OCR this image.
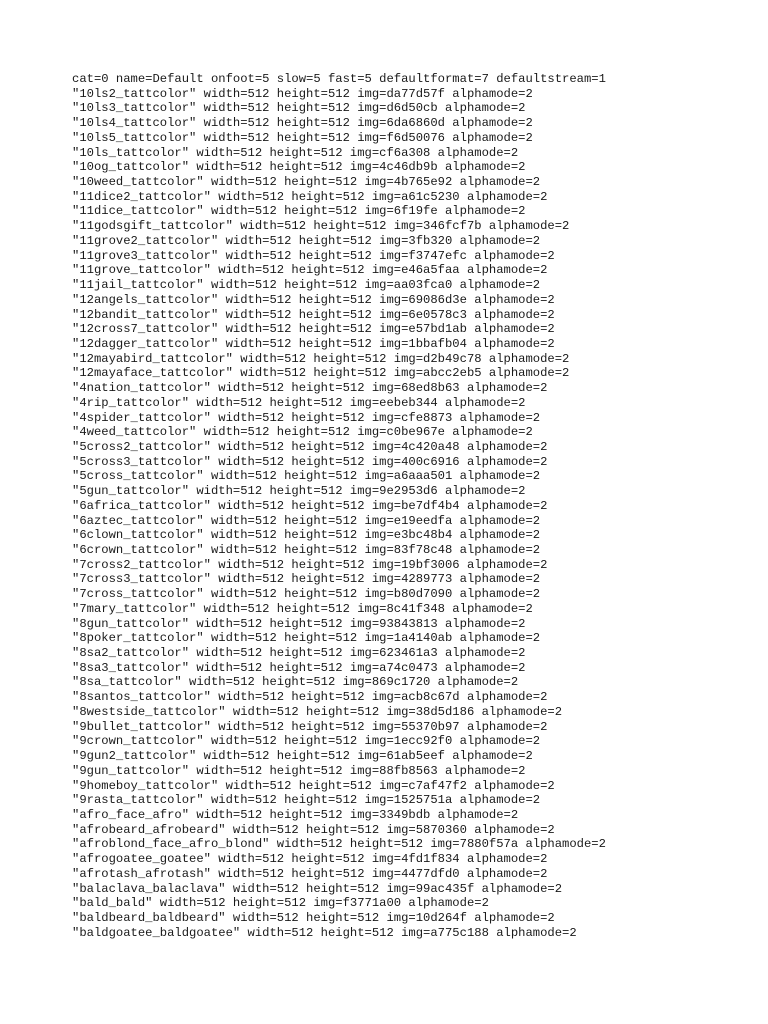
cat=0 name=Default onfoot=5 slow=5 fast=5 defaultformat=7 defaultstream=1
"10ls2_tattcolor" width=512 height=512 img=da77d57f alphamode=2
"10ls3_tattcolor" width=512 height=512 img=d6d50cb alphamode=2
"10ls4_tattcolor" width=512 height=512 img=6da6860d alphamode=2
"10ls5_tattcolor" width=512 height=512 img=f6d50076 alphamode=2
"10ls_tattcolor" width=512 height=512 img=cf6a308 alphamode=2
"10og_tattcolor" width=512 height=512 img=4c46db9b alphamode=2
"10weed_tattcolor" width=512 height=512 img=4b765e92 alphamode=2
"11dice2_tattcolor" width=512 height=512 img=a61c5230 alphamode=2
"11dice_tattcolor" width=512 height=512 img=6f19fe alphamode=2
"11godsgift_tattcolor" width=512 height=512 img=346fcf7b alphamode=2
"11grove2_tattcolor" width=512 height=512 img=3fb320 alphamode=2
"11grove3_tattcolor" width=512 height=512 img=f3747efc alphamode=2
"11grove_tattcolor" width=512 height=512 img=e46a5faa alphamode=2
"11jail_tattcolor" width=512 height=512 img=aa03fca0 alphamode=2
"12angels_tattcolor" width=512 height=512 img=69086d3e alphamode=2
"12bandit_tattcolor" width=512 height=512 img=6e0578c3 alphamode=2
"12cross7_tattcolor" width=512 height=512 img=e57bd1ab alphamode=2
"12dagger_tattcolor" width=512 height=512 img=1bbafb04 alphamode=2
"12mayabird_tattcolor" width=512 height=512 img=d2b49c78 alphamode=2
"12mayaface_tattcolor" width=512 height=512 img=abcc2eb5 alphamode=2
"4nation_tattcolor" width=512 height=512 img=68ed8b63 alphamode=2
"4rip_tattcolor" width=512 height=512 img=eebeb344 alphamode=2
"4spider_tattcolor" width=512 height=512 img=cfe8873 alphamode=2
"4weed_tattcolor" width=512 height=512 img=c0be967e alphamode=2
"5cross2_tattcolor" width=512 height=512 img=4c420a48 alphamode=2
"5cross3_tattcolor" width=512 height=512 img=400c6916 alphamode=2
"5cross_tattcolor" width=512 height=512 img=a6aaa501 alphamode=2
"5gun_tattcolor" width=512 height=512 img=9e2953d6 alphamode=2
"6africa_tattcolor" width=512 height=512 img=be7df4b4 alphamode=2
"6aztec_tattcolor" width=512 height=512 img=e19eedfa alphamode=2
"6clown_tattcolor" width=512 height=512 img=e3bc48b4 alphamode=2
"6crown_tattcolor" width=512 height=512 img=83f78c48 alphamode=2
"7cross2_tattcolor" width=512 height=512 img=19bf3006 alphamode=2
"7cross3_tattcolor" width=512 height=512 img=4289773 alphamode=2
"7cross_tattcolor" width=512 height=512 img=b80d7090 alphamode=2
"7mary_tattcolor" width=512 height=512 img=8c41f348 alphamode=2
"8gun_tattcolor" width=512 height=512 img=93843813 alphamode=2
"8poker_tattcolor" width=512 height=512 img=1a4140ab alphamode=2
"8sa2_tattcolor" width=512 height=512 img=623461a3 alphamode=2
"8sa3_tattcolor" width=512 height=512 img=a74c0473 alphamode=2
"8sa_tattcolor" width=512 height=512 img=869c1720 alphamode=2
"8santos_tattcolor" width=512 height=512 img=acb8c67d alphamode=2
"8westside_tattcolor" width=512 height=512 img=38d5d186 alphamode=2
"9bullet_tattcolor" width=512 height=512 img=55370b97 alphamode=2
"9crown_tattcolor" width=512 height=512 img=1ecc92f0 alphamode=2
"9gun2_tattcolor" width=512 height=512 img=61ab5eef alphamode=2
"9gun_tattcolor" width=512 height=512 img=88fb8563 alphamode=2
"9homeboy_tattcolor" width=512 height=512 img=c7af47f2 alphamode=2
"9rasta_tattcolor" width=512 height=512 img=1525751a alphamode=2
"afro_face_afro" width=512 height=512 img=3349bdb alphamode=2
"afrobeard_afrobeard" width=512 height=512 img=5870360 alphamode=2
"afroblond_face_afro_blond" width=512 height=512 img=7880f57a alphamode=2
"afrogoatee_goatee" width=512 height=512 img=4fd1f834 alphamode=2
"afrotash_afrotash" width=512 height=512 img=4477dfd0 alphamode=2
"balaclava_balaclava" width=512 height=512 img=99ac435f alphamode=2
"bald_bald" width=512 height=512 img=f3771a00 alphamode=2
"baldbeard_baldbeard" width=512 height=512 img=10d264f alphamode=2
"baldgoatee_baldgoatee" width=512 height=512 img=a775c188 alphamode=2
